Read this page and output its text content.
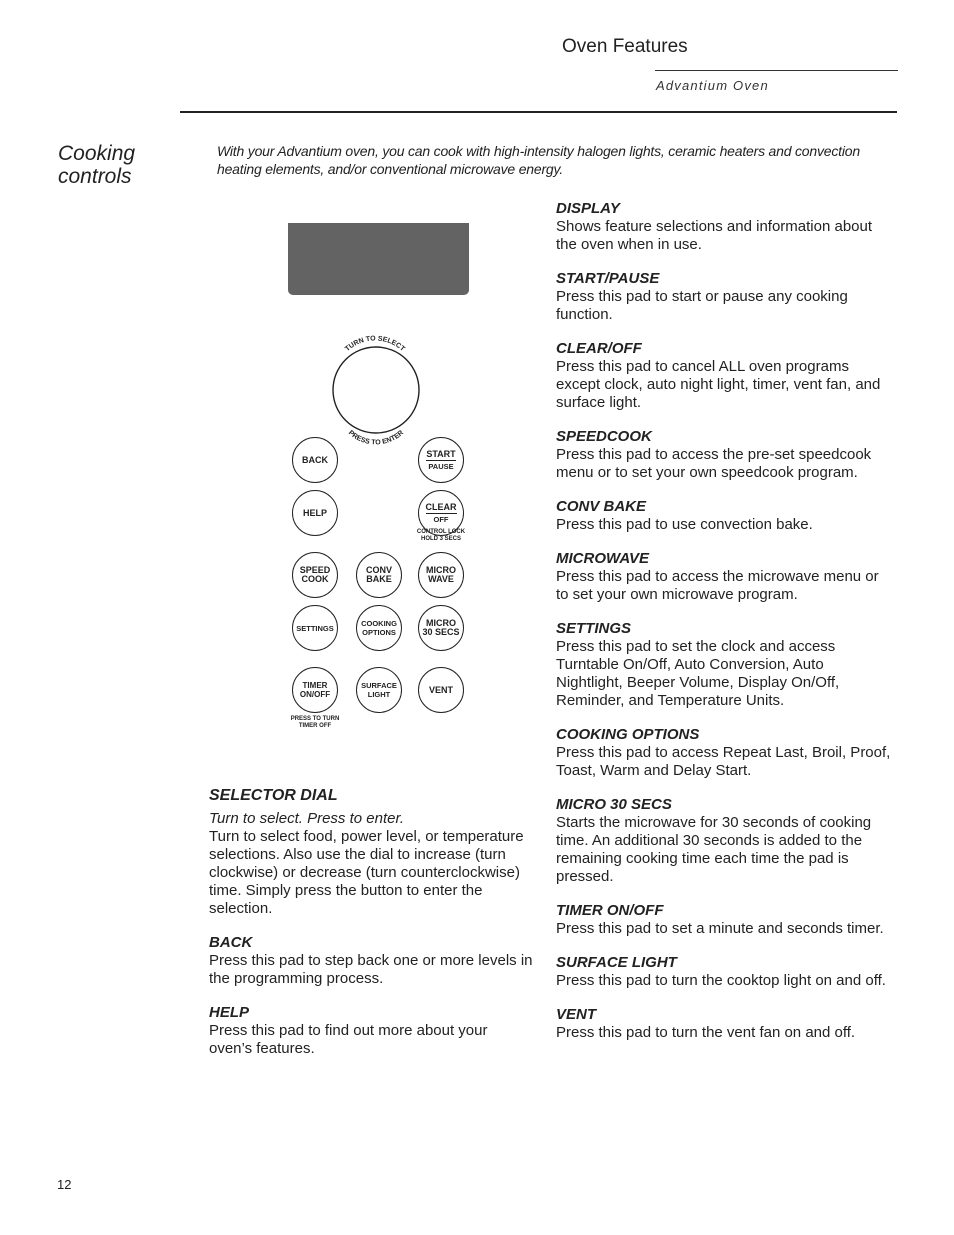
Oven Features
Advantium Oven
Cooking controls
With your Advantium oven, you can cook with high-intensity halogen lights, ceramic heaters and convection heating elements, and/or conventional microwave energy.
TURN TO SELECT
PRESS TO ENTER
BACK
START
PAUSE
HELP
CLEAR
OFF
CONTROL LOCK
HOLD 3 SECS
SPEED
COOK
CONV
BAKE
MICRO
WAVE
SETTINGS	COOKING
OPTIONS
MICRO
30 SECS
TIMER
ON/OFF
SURFACE
LIGHT	VENT
PRESS TO TURN
TIMER OFF
SELECTOR DIAL
Turn to select. Press to enter.
Turn to select food, power level, or temperature selections. Also use the dial to increase (turn clockwise) or decrease (turn counterclockwise) time. Simply press the button to enter the selection.
BACK
Press this pad to step back one or more levels in the programming process.
HELP
Press this pad to find out more about your oven’s features.
DISPLAY
Shows feature selections and information about the oven when in use.
START/PAUSE
Press this pad to start or pause any cooking function.
CLEAR/OFF
Press this pad to cancel ALL oven programs except clock, auto night light, timer, vent fan, and surface light.
SPEEDCOOK
Press this pad to access the pre-set speedcook menu or to set your own speedcook program.
CONV BAKE
Press this pad to use convection bake.
MICROWAVE
Press this pad to access the microwave menu or to set your own microwave program.
SETTINGS
Press this pad to set the clock and access Turntable On/Off, Auto Conversion, Auto Nightlight, Beeper Volume, Display On/Off, Reminder, and Temperature Units.
COOKING OPTIONS
Press this pad to access Repeat Last, Broil, Proof, Toast, Warm and Delay Start.
MICRO 30 SECS
Starts the microwave for 30 seconds of cooking time. An additional 30 seconds is added to the remaining cooking time each time the pad is pressed.
TIMER ON/OFF
Press this pad to set a minute and seconds timer.
SURFACE LIGHT
Press this pad to turn the cooktop light on and off.
VENT
Press this pad to turn the vent fan on and off.
12
